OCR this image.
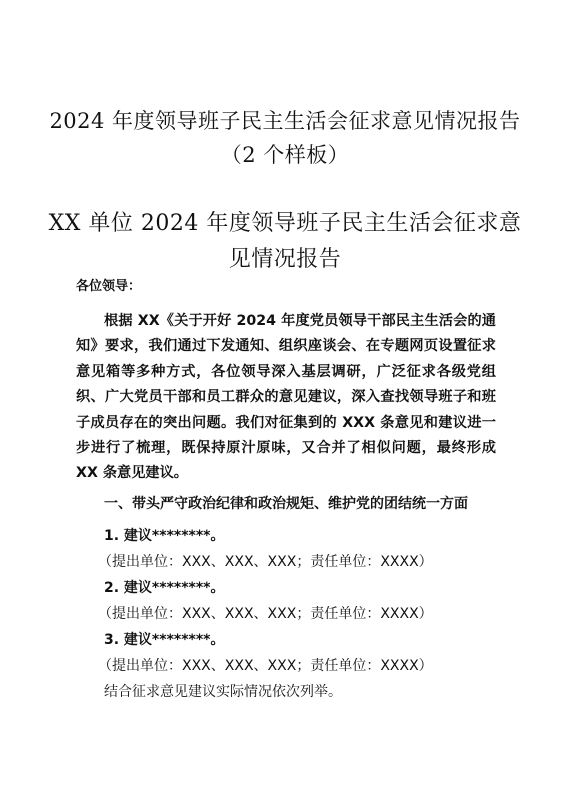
2024 年度领导班子民主生活会征求意见情况报告（2 个样板）
XX 单位 2024 年度领导班子民主生活会征求意见情况报告
各位领导：
根据 XX《关于开好 2024 年度党员领导干部民主生活会的通知》要求，我们通过下发通知、组织座谈会、在专题网页设置征求意见箱等多种方式，各位领导深入基层调研，广泛征求各级党组织、广大党员干部和员工群众的意见建议，深入查找领导班子和班子成员存在的突出问题。我们对征集到的 XXX 条意见和建议进一步进行了梳理，既保持原汁原味，又合并了相似问题，最终形成 XX 条意见建议。
一、带头严守政治纪律和政治规矩、维护党的团结统一方面
1. 建议********。
（提出单位：XXX、XXX、XXX；责任单位：XXXX）
2. 建议********。
（提出单位：XXX、XXX、XXX；责任单位：XXXX）
3. 建议********。
（提出单位：XXX、XXX、XXX；责任单位：XXXX）
结合征求意见建议实际情况依次列举。
